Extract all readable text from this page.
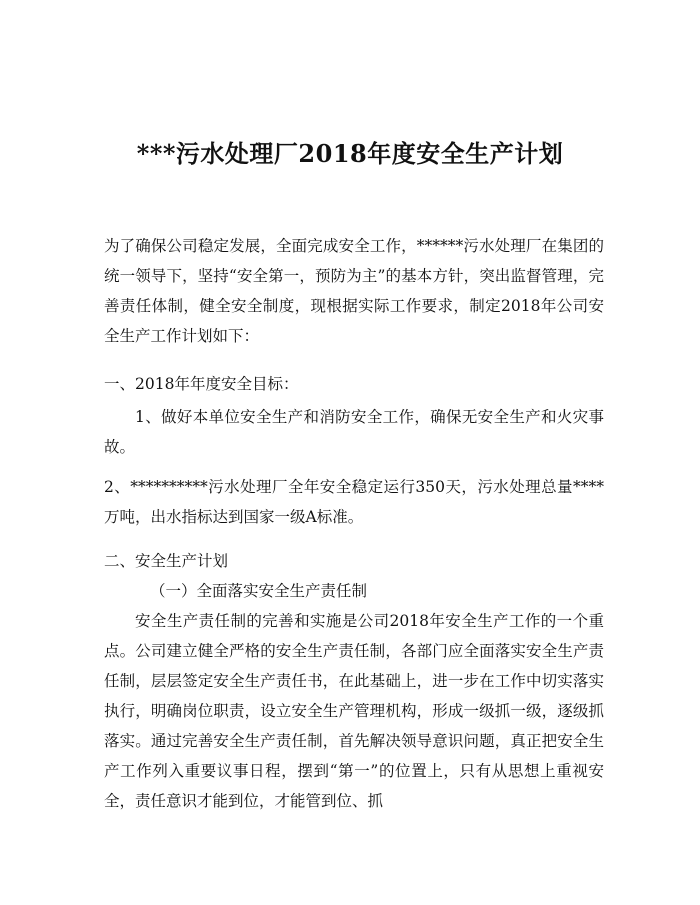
***污水处理厂2018年度安全生产计划

为了确保公司稳定发展，全面完成安全工作，******污水处理厂在集团的统一领导下，坚持“安全第一，预防为主”的基本方针，突出监督管理，完善责任体制，健全安全制度，现根据实际工作要求，制定2018年公司安全生产工作计划如下：

一、2018年年度安全目标：

1、做好本单位安全生产和消防安全工作，确保无安全生产和火灾事故。

2、**********污水处理厂全年安全稳定运行350天，污水处理总量****万吨，出水指标达到国家一级A标准。

二、安全生产计划

（一）全面落实安全生产责任制

安全生产责任制的完善和实施是公司2018年安全生产工作的一个重点。公司建立健全严格的安全生产责任制，各部门应全面落实安全生产责任制，层层签定安全生产责任书，在此基础上，进一步在工作中切实落实执行，明确岗位职责，设立安全生产管理机构，形成一级抓一级，逐级抓落实。通过完善安全生产责任制，首先解决领导意识问题，真正把安全生产工作列入重要议事日程，摆到“第一”的位置上，只有从思想上重视安全，责任意识才能到位，才能管到位、抓
